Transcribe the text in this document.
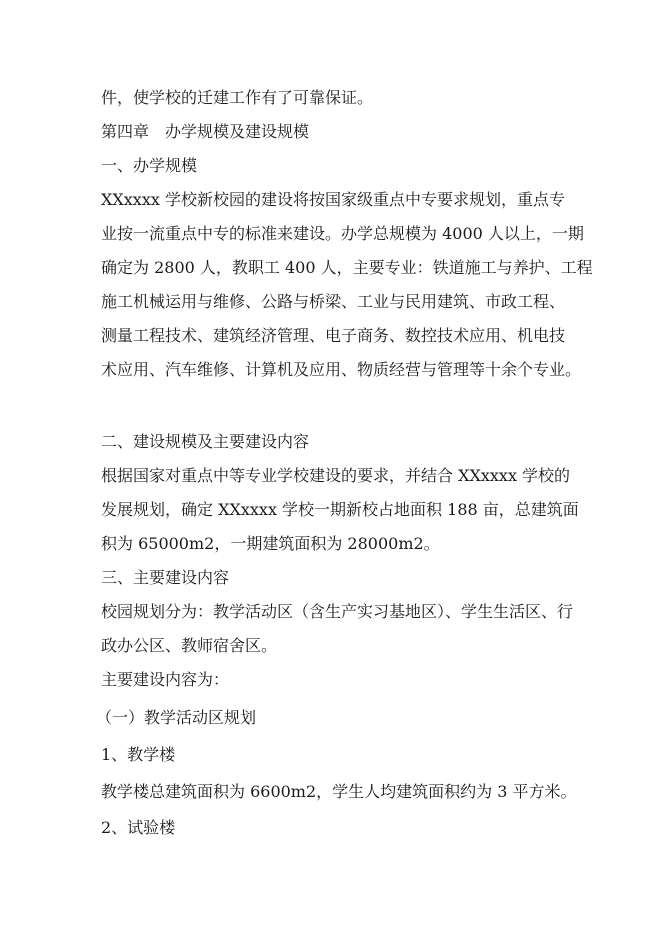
件，使学校的迁建工作有了可靠保证。
第四章　办学规模及建设规模
一、办学规模
XXxxxx 学校新校园的建设将按国家级重点中专要求规划，重点专
业按一流重点中专的标准来建设。办学总规模为 4000 人以上，一期
确定为 2800 人，教职工 400 人，主要专业：铁道施工与养护、工程
施工机械运用与维修、公路与桥梁、工业与民用建筑、市政工程、
测量工程技术、建筑经济管理、电子商务、数控技术应用、机电技
术应用、汽车维修、计算机及应用、物质经营与管理等十余个专业。
二、建设规模及主要建设内容
根据国家对重点中等专业学校建设的要求，并结合 XXxxxx 学校的
发展规划，确定 XXxxxx 学校一期新校占地面积 188 亩，总建筑面
积为 65000m2，一期建筑面积为 28000m2。
三、主要建设内容
校园规划分为：教学活动区（含生产实习基地区）、学生生活区、行
政办公区、教师宿舍区。
主要建设内容为：
（一）教学活动区规划
1、教学楼
教学楼总建筑面积为 6600m2，学生人均建筑面积约为 3 平方米。
2、试验楼
